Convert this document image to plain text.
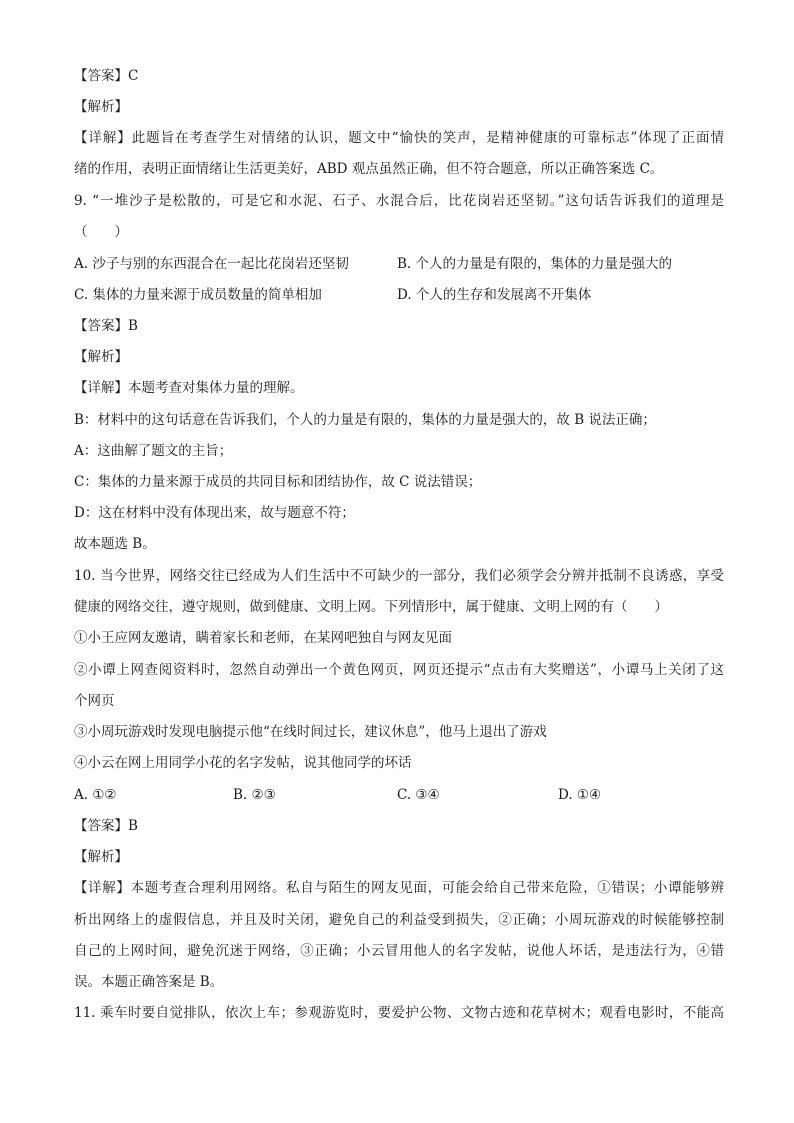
【答案】C
【解析】
【详解】此题旨在考查学生对情绪的认识，题文中“愉快的笑声，是精神健康的可靠标志”体现了正面情
绪的作用，表明正面情绪让生活更美好，ABD 观点虽然正确，但不符合题意，所以正确答案选 C。
9. “一堆沙子是松散的，可是它和水泥、石子、水混合后，比花岗岩还坚韧。”这句话告诉我们的道理是
（　　）
A. 沙子与别的东西混合在一起比花岗岩还坚韧	B. 个人的力量是有限的，集体的力量是强大的
C. 集体的力量来源于成员数量的简单相加	D. 个人的生存和发展离不开集体
【答案】B
【解析】
【详解】本题考查对集体力量的理解。
B：材料中的这句话意在告诉我们，个人的力量是有限的，集体的力量是强大的，故 B 说法正确；
A：这曲解了题文的主旨；
C：集体的力量来源于成员的共同目标和团结协作，故 C 说法错误；
D：这在材料中没有体现出来，故与题意不符；
故本题选 B。
10. 当今世界，网络交往已经成为人们生活中不可缺少的一部分，我们必须学会分辨并抵制不良诱惑，享受
健康的网络交往，遵守规则，做到健康、文明上网。下列情形中，属于健康、文明上网的有（　　）
①小王应网友邀请，瞒着家长和老师，在某网吧独自与网友见面
②小谭上网查阅资料时，忽然自动弹出一个黄色网页，网页还提示“点击有大奖赠送”，小谭马上关闭了这
个网页
③小周玩游戏时发现电脑提示他“在线时间过长，建议休息”，他马上退出了游戏
④小云在网上用同学小花的名字发帖，说其他同学的坏话
A. ①②	B. ②③	C. ③④	D. ①④
【答案】B
【解析】
【详解】本题考查合理利用网络。私自与陌生的网友见面，可能会给自己带来危险，①错误；小谭能够辨
析出网络上的虚假信息，并且及时关闭，避免自己的利益受到损失，②正确；小周玩游戏的时候能够控制
自己的上网时间，避免沉迷于网络，③正确；小云冒用他人的名字发帖，说他人坏话，是违法行为，④错
误。本题正确答案是 B。
11. 乘车时要自觉排队，依次上车；参观游览时，要爱护公物、文物古迹和花草树木；观看电影时，不能高
